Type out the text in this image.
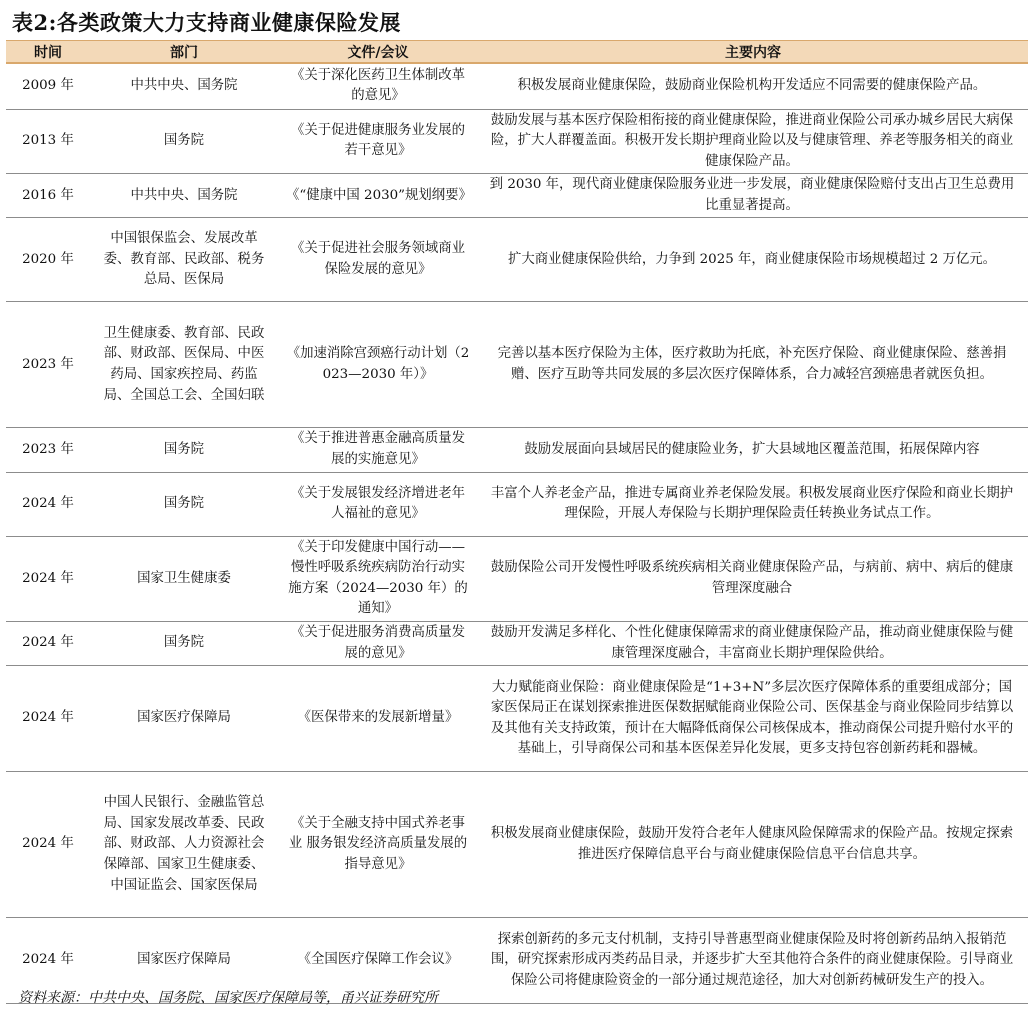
表2:各类政策大力支持商业健康保险发展
时间	部门	文件/会议	主要内容
2009 年	中共中央、国务院	《关于深化医药卫生体制改革的意见》	积极发展商业健康保险，鼓励商业保险机构开发适应不同需要的健康保险产品。
2013 年	国务院	《关于促进健康服务业发展的若干意见》	鼓励发展与基本医疗保险相衔接的商业健康保险，推进商业保险公司承办城乡居民大病保险，扩大人群覆盖面。积极开发长期护理商业险以及与健康管理、养老等服务相关的商业健康保险产品。
2016 年	中共中央、国务院	《“健康中国 2030”规划纲要》	到 2030 年，现代商业健康保险服务业进一步发展，商业健康保险赔付支出占卫生总费用比重显著提高。
2020 年	中国银保监会、发展改革委、教育部、民政部、税务总局、医保局	《关于促进社会服务领域商业保险发展的意见》	扩大商业健康保险供给，力争到 2025 年，商业健康保险市场规模超过 2 万亿元。
2023 年	卫生健康委、教育部、民政部、财政部、医保局、中医药局、国家疾控局、药监局、全国总工会、全国妇联	《加速消除宫颈癌行动计划（2023—2030 年）》	完善以基本医疗保险为主体，医疗救助为托底，补充医疗保险、商业健康保险、慈善捐赠、医疗互助等共同发展的多层次医疗保障体系，合力减轻宫颈癌患者就医负担。
2023 年	国务院	《关于推进普惠金融高质量发展的实施意见》	鼓励发展面向县域居民的健康险业务，扩大县域地区覆盖范围，拓展保障内容
2024 年	国务院	《关于发展银发经济增进老年人福祉的意见》	丰富个人养老金产品，推进专属商业养老保险发展。积极发展商业医疗保险和商业长期护理保险，开展人寿保险与长期护理保险责任转换业务试点工作。
2024 年	国家卫生健康委	《关于印发健康中国行动——慢性呼吸系统疾病防治行动实施方案（2024—2030 年）的通知》	鼓励保险公司开发慢性呼吸系统疾病相关商业健康保险产品，与病前、病中、病后的健康管理深度融合
2024 年	国务院	《关于促进服务消费高质量发展的意见》	鼓励开发满足多样化、个性化健康保障需求的商业健康保险产品，推动商业健康保险与健康管理深度融合，丰富商业长期护理保险供给。
2024 年	国家医疗保障局	《医保带来的发展新增量》	大力赋能商业保险：商业健康保险是“1+3+N”多层次医疗保障体系的重要组成部分；国家医保局正在谋划探索推进医保数据赋能商业保险公司、医保基金与商业保险同步结算以及其他有关支持政策，预计在大幅降低商保公司核保成本，推动商保公司提升赔付水平的基础上，引导商保公司和基本医保差异化发展，更多支持包容创新药耗和器械。
2024 年	中国人民银行、金融监管总局、国家发展改革委、民政部、财政部、人力资源社会保障部、国家卫生健康委、中国证监会、国家医保局	《关于全融支持中国式养老事业 服务银发经济高质量发展的指导意见》	积极发展商业健康保险，鼓励开发符合老年人健康风险保障需求的保险产品。按规定探索推进医疗保障信息平台与商业健康保险信息平台信息共享。
2024 年	国家医疗保障局	《全国医疗保障工作会议》	探索创新药的多元支付机制，支持引导普惠型商业健康保险及时将创新药品纳入报销范围，研究探索形成丙类药品目录，并逐步扩大至其他符合条件的商业健康保险。引导商业保险公司将健康险资金的一部分通过规范途径，加大对创新药械研发生产的投入。
资料来源：中共中央、国务院、国家医疗保障局等，甬兴证券研究所
